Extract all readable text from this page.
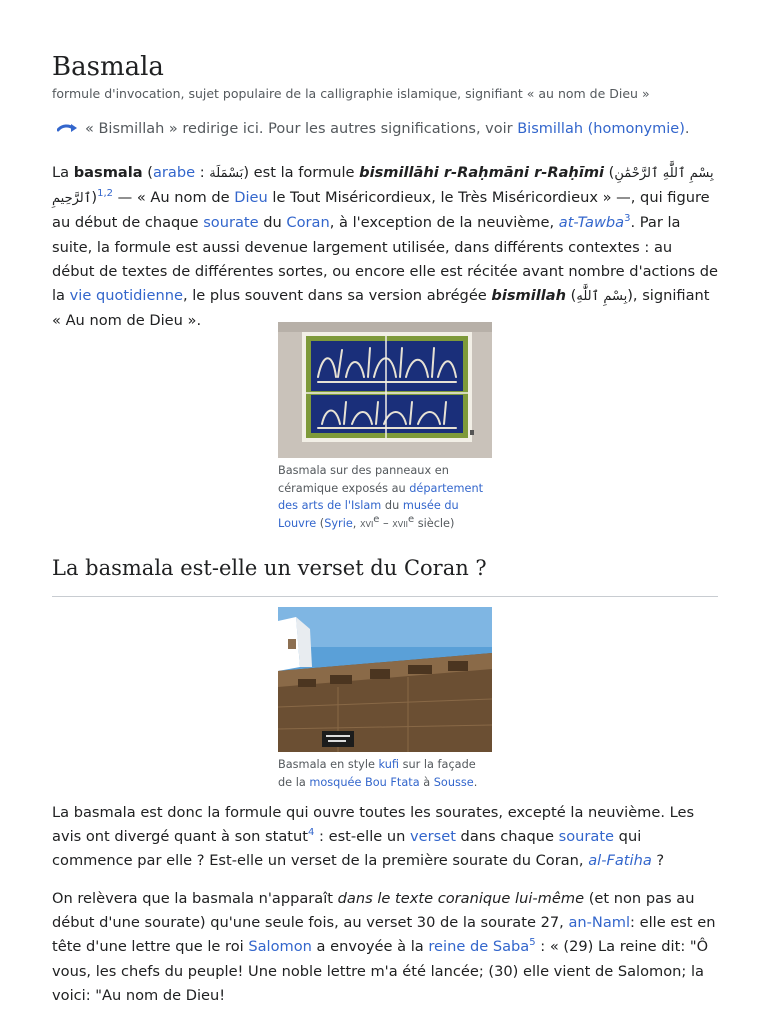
Basmala
formule d'invocation, sujet populaire de la calligraphie islamique, signifiant « au nom de Dieu »
« Bismillah » redirige ici. Pour les autres significations, voir Bismillah (homonymie).
La basmala (arabe : بَسْمَلَة) est la formule bismillāhi r-Raḥmāni r-Raḥīmi (بِسْمِ ٱللَّٰهِ ٱلرَّحْمَٰنِ ٱلرَّحِيمِ)$^{1,2}$ — « Au nom de Dieu le Tout Miséricordieux, le Très Miséricordieux » —, qui figure au début de chaque sourate du Coran, à l'exception de la neuvième, at-Tawba$^3$. Par la suite, la formule est aussi devenue largement utilisée, dans différents contextes : au début de textes de différentes sortes, ou encore elle est récitée avant nombre d'actions de la vie quotidienne, le plus souvent dans sa version abrégée bismillah (بِسْمِ ٱللَّٰهِ), signifiant « Au nom de Dieu ».
Basmala sur des panneaux en céramique exposés au département des arts de l'Islam du musée du Louvre (Syrie, xvi$^e$ – xvii$^e$ siècle)
La basmala est-elle un verset du Coran ?
Basmala en style kufi sur la façade de la mosquée Bou Ftata à Sousse.
La basmala est donc la formule qui ouvre toutes les sourates, excepté la neuvième. Les avis ont divergé quant à son statut$^4$ : est-elle un verset dans chaque sourate qui commence par elle ? Est-elle un verset de la première sourate du Coran, al-Fatiha ?
On relèvera que la basmala n'apparaît dans le texte coranique lui-même (et non pas au début d'une sourate) qu'une seule fois, au verset 30 de la sourate 27, an-Naml: elle est en tête d'une lettre que le roi Salomon a envoyée à la reine de Saba$^5$ : « (29) La reine dit: "Ô vous, les chefs du peuple! Une noble lettre m'a été lancée; (30) elle vient de Salomon; la voici: "Au nom de Dieu!
